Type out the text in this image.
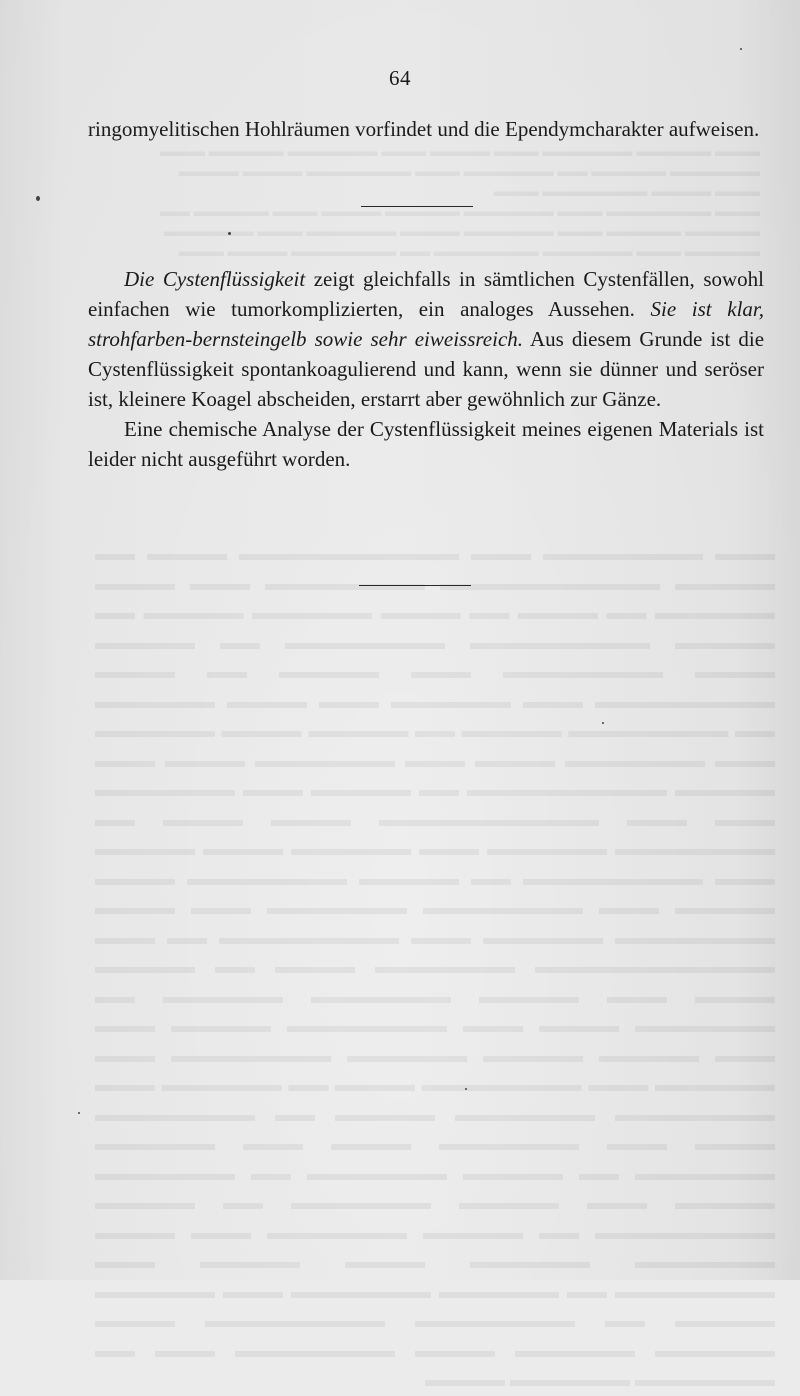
▬▬▬ ▬▬▬▬▬ ▬▬▬▬▬▬ ▬▬▬ ▬▬▬▬ ▬▬▬ ▬▬▬▬▬▬ ▬▬▬▬▬ ▬▬▬
▬▬▬▬▬▬ ▬▬▬▬▬ ▬▬ ▬▬▬▬▬▬ ▬▬▬ ▬▬▬▬▬▬▬ ▬▬▬▬ ▬▬▬▬
▬▬▬ ▬▬▬▬ ▬▬▬▬▬▬▬ ▬▬▬
▬▬▬ ▬▬▬▬▬▬▬ ▬▬▬ ▬▬▬▬▬▬ ▬▬▬▬▬ ▬▬▬▬ ▬▬▬ ▬▬▬▬▬ ▬▬
▬▬▬▬▬ ▬▬▬▬▬ ▬▬▬ ▬▬▬▬▬▬ ▬▬▬▬ ▬▬▬▬▬▬ ▬▬▬ ▬▬▬▬▬▬
▬▬▬▬▬ ▬▬▬ ▬▬▬▬▬▬ ▬▬▬▬▬▬▬ ▬▬ ▬▬▬▬▬▬▬ ▬▬▬▬ ▬▬▬
▬▬▬ ▬▬▬▬▬▬▬▬ ▬▬▬ ▬▬▬▬▬▬▬▬▬▬▬ ▬▬▬▬ ▬▬ ▬▬▬▬▬ ▬▬▬▬▬▬▬▬▬▬▬ ▬▬▬▬▬▬▬▬ ▬▬▬ ▬▬▬▬ ▬▬▬▬▬▬ ▬▬ ▬▬▬▬ ▬▬ ▬▬▬▬ ▬▬▬▬▬▬ ▬▬▬▬▬ ▬▬ ▬▬▬▬▬ ▬▬▬▬▬▬▬▬▬ ▬▬▬▬▬▬▬▬ ▬▬ ▬▬▬▬▬ ▬▬▬▬ ▬▬▬▬▬▬▬▬ ▬▬▬ ▬▬▬▬▬ ▬▬ ▬▬▬▬ ▬▬▬▬▬▬▬▬▬ ▬▬▬ ▬▬▬▬▬▬ ▬▬▬ ▬▬▬▬ ▬▬▬▬▬▬ ▬▬ ▬▬▬▬▬▬▬▬ ▬▬▬▬▬ ▬▬ ▬▬▬▬▬ ▬▬▬▬ ▬▬▬▬▬▬ ▬▬▬ ▬▬▬▬▬▬▬ ▬▬▬▬ ▬▬▬ ▬▬▬▬▬▬▬ ▬▬▬▬ ▬▬▬ ▬▬▬▬▬ ▬▬▬▬▬▬▬▬▬▬ ▬▬ ▬▬▬▬▬ ▬▬▬ ▬▬▬▬▬▬▬ ▬▬▬ ▬▬▬ ▬▬▬▬▬▬▬▬▬▬▬ ▬▬▬▬ ▬▬▬▬ ▬▬ ▬▬▬▬▬▬▬▬ ▬▬▬▬▬▬ ▬▬▬ ▬▬▬▬▬▬ ▬▬▬▬ ▬▬▬▬▬ ▬▬▬ ▬▬▬▬▬▬▬▬▬ ▬▬ ▬▬▬▬▬ ▬▬▬▬▬▬▬▬ ▬▬▬▬ ▬▬▬▬▬ ▬▬▬ ▬▬▬▬▬▬▬▬ ▬▬▬▬▬▬▬ ▬▬▬ ▬▬▬▬ ▬▬▬▬▬▬▬▬ ▬▬▬▬▬▬ ▬▬▬ ▬▬▬▬▬▬▬▬▬ ▬▬ ▬▬▬ ▬▬▬▬▬▬▬▬▬▬▬▬ ▬▬▬▬▬▬▬ ▬▬▬▬ ▬▬ ▬▬▬▬▬ ▬▬▬▬ ▬▬▬ ▬▬▬▬▬ ▬▬▬▬▬▬▬ ▬▬▬▬▬▬ ▬▬ ▬▬▬▬▬▬▬ ▬▬▬▬ ▬▬▬ ▬▬▬▬▬▬▬▬ ▬▬▬▬▬ ▬▬▬ ▬▬▬ ▬▬▬▬▬ ▬▬▬▬▬ ▬▬▬▬▬▬ ▬▬▬▬▬▬▬▬ ▬▬▬ ▬▬▬▬▬▬ ▬▬▬ ▬▬▬▬▬▬▬▬ ▬▬▬▬ ▬▬ ▬▬▬▬▬▬ ▬▬▬ ▬▬▬▬▬▬▬▬ ▬▬▬▬▬▬▬ ▬▬▬▬▬ ▬▬ ▬▬▬▬▬▬▬▬ ▬▬▬▬ ▬▬▬ ▬▬▬▬▬▬▬ ▬▬▬▬ ▬▬▬ ▬▬▬▬▬▬ ▬▬▬▬▬▬▬ ▬▬ ▬▬▬▬▬ ▬▬▬▬▬▬▬ ▬▬ ▬▬▬▬▬▬▬ ▬▬▬▬▬ ▬▬▬ ▬▬▬▬▬ ▬▬▬▬▬▬▬ ▬▬ ▬▬▬▬▬ ▬▬▬▬▬▬▬▬▬ ▬▬ ▬▬▬▬▬ ▬▬▬▬▬▬▬ ▬▬▬ ▬▬▬▬ ▬▬▬▬▬▬▬ ▬▬▬▬▬▬ ▬▬▬▬ ▬▬▬▬▬ ▬▬▬ ▬▬▬▬▬▬▬▬ ▬▬ ▬▬▬▬▬▬ ▬▬▬▬▬▬▬ ▬▬▬ ▬▬▬▬▬▬ ▬▬▬▬▬ ▬▬ ▬▬▬▬▬▬▬▬ ▬▬▬▬▬▬▬▬▬ ▬▬▬▬ ▬▬▬▬▬▬ ▬▬▬▬▬▬ ▬▬▬▬ ▬▬▬▬▬▬▬▬ ▬▬▬ ▬▬ ▬▬▬▬▬▬▬ ▬▬▬▬▬▬ ▬▬▬▬
64

ringomyelitischen Hohlräumen vorfindet und die Ependymcharakter aufweisen.

Die Cystenflüssigkeit zeigt gleichfalls in sämtlichen Cystenfällen, sowohl einfachen wie tumorkomplizierten, ein analoges Aussehen. Sie ist klar, strohfarben-bernsteingelb sowie sehr eiweissreich. Aus diesem Grunde ist die Cystenflüssigkeit spontankoagulierend und kann, wenn sie dünner und seröser ist, kleinere Koagel abscheiden, erstarrt aber gewöhnlich zur Gänze.

Eine chemische Analyse der Cystenflüssigkeit meines eigenen Materials ist leider nicht ausgeführt worden.
